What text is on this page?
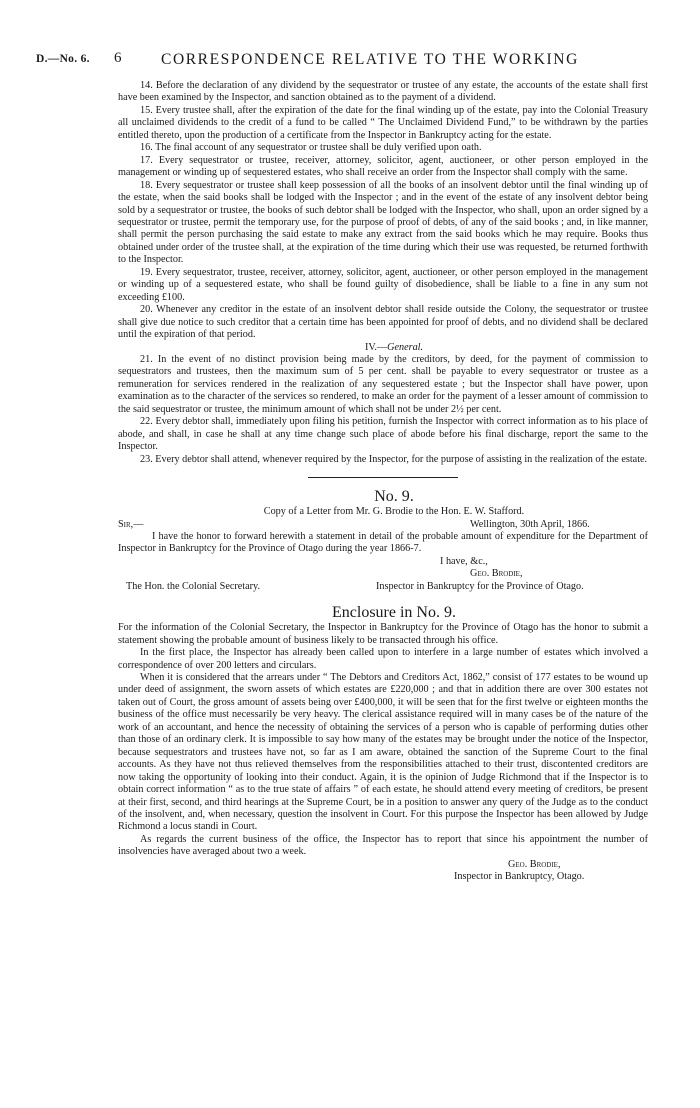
D.—No. 6. 6	CORRESPONDENCE RELATIVE TO THE WORKING

14. Before the declaration of any dividend by the sequestrator or trustee of any estate, the accounts of the estate shall first have been examined by the Inspector, and sanction obtained as to the payment of a dividend.

15. Every trustee shall, after the expiration of the date for the final winding up of the estate, pay into the Colonial Treasury all unclaimed dividends to the credit of a fund to be called “ The Unclaimed Dividend Fund,” to be withdrawn by the parties entitled thereto, upon the production of a certificate from the Inspector in Bankruptcy acting for the estate.

16. The final account of any sequestrator or trustee shall be duly verified upon oath.

17. Every sequestrator or trustee, receiver, attorney, solicitor, agent, auctioneer, or other person employed in the management or winding up of sequestered estates, who shall receive an order from the Inspector shall comply with the same.

18. Every sequestrator or trustee shall keep possession of all the books of an insolvent debtor until the final winding up of the estate, when the said books shall be lodged with the Inspector ; and in the event of the estate of any insolvent debtor being sold by a sequestrator or trustee, the books of such debtor shall be lodged with the Inspector, who shall, upon an order signed by a sequestrator or trustee, permit the temporary use, for the purpose of proof of debts, of any of the said books ; and, in like manner, shall permit the person purchasing the said estate to make any extract from the said books which he may require. Books thus obtained under order of the trustee shall, at the expiration of the time during which their use was requested, be returned forthwith to the Inspector.

19. Every sequestrator, trustee, receiver, attorney, solicitor, agent, auctioneer, or other person employed in the management or winding up of a sequestered estate, who shall be found guilty of disobedience, shall be liable to a fine in any sum not exceeding £100.

20. Whenever any creditor in the estate of an insolvent debtor shall reside outside the Colony, the sequestrator or trustee shall give due notice to such creditor that a certain time has been appointed for proof of debts, and no dividend shall be declared until the expiration of that period.

IV.—General.

21. In the event of no distinct provision being made by the creditors, by deed, for the payment of commission to sequestrators and trustees, then the maximum sum of 5 per cent. shall be payable to every sequestrator or trustee as a remuneration for services rendered in the realization of any sequestered estate ; but the Inspector shall have power, upon examination as to the character of the services so rendered, to make an order for the payment of a lesser amount of commission to the said sequestrator or trustee, the minimum amount of which shall not be under 2½ per cent.

22. Every debtor shall, immediately upon filing his petition, furnish the Inspector with correct information as to his place of abode, and shall, in case he shall at any time change such place of abode before his final discharge, report the same to the Inspector.

23. Every debtor shall attend, whenever required by the Inspector, for the purpose of assisting in the realization of the estate.

No. 9.

Copy of a Letter from Mr. G. Brodie to the Hon. E. W. Stafford.

Sir,—	Wellington, 30th April, 1866.

I have the honor to forward herewith a statement in detail of the probable amount of expenditure for the Department of Inspector in Bankruptcy for the Province of Otago during the year 1866-7.

I have, &c.,
Geo. Brodie,
The Hon. the Colonial Secretary.	Inspector in Bankruptcy for the Province of Otago.

Enclosure in No. 9.

For the information of the Colonial Secretary, the Inspector in Bankruptcy for the Province of Otago has the honor to submit a statement showing the probable amount of business likely to be transacted through his office.

In the first place, the Inspector has already been called upon to interfere in a large number of estates which involved a correspondence of over 200 letters and circulars.

When it is considered that the arrears under “ The Debtors and Creditors Act, 1862,” consist of 177 estates to be wound up under deed of assignment, the sworn assets of which estates are £220,000 ; and that in addition there are over 300 estates not taken out of Court, the gross amount of assets being over £400,000, it will be seen that for the first twelve or eighteen months the business of the office must necessarily be very heavy. The clerical assistance required will in many cases be of the nature of the work of an accountant, and hence the necessity of obtaining the services of a person who is capable of performing duties other than those of an ordinary clerk. It is impossible to say how many of the estates may be brought under the notice of the Inspector, because sequestrators and trustees have not, so far as I am aware, obtained the sanction of the Supreme Court to the final accounts. As they have not thus relieved themselves from the responsibilities attached to their trust, discontented creditors are now taking the opportunity of looking into their conduct. Again, it is the opinion of Judge Richmond that if the Inspector is to obtain correct information “ as to the true state of affairs ” of each estate, he should attend every meeting of creditors, be present at their first, second, and third hearings at the Supreme Court, be in a position to answer any query of the Judge as to the conduct of the insolvent, and, when necessary, question the insolvent in Court. For this purpose the Inspector has been allowed by Judge Richmond a locus standi in Court.

As regards the current business of the office, the Inspector has to report that since his appointment the number of insolvencies have averaged about two a week.

Geo. Brodie,
Inspector in Bankruptcy, Otago.
